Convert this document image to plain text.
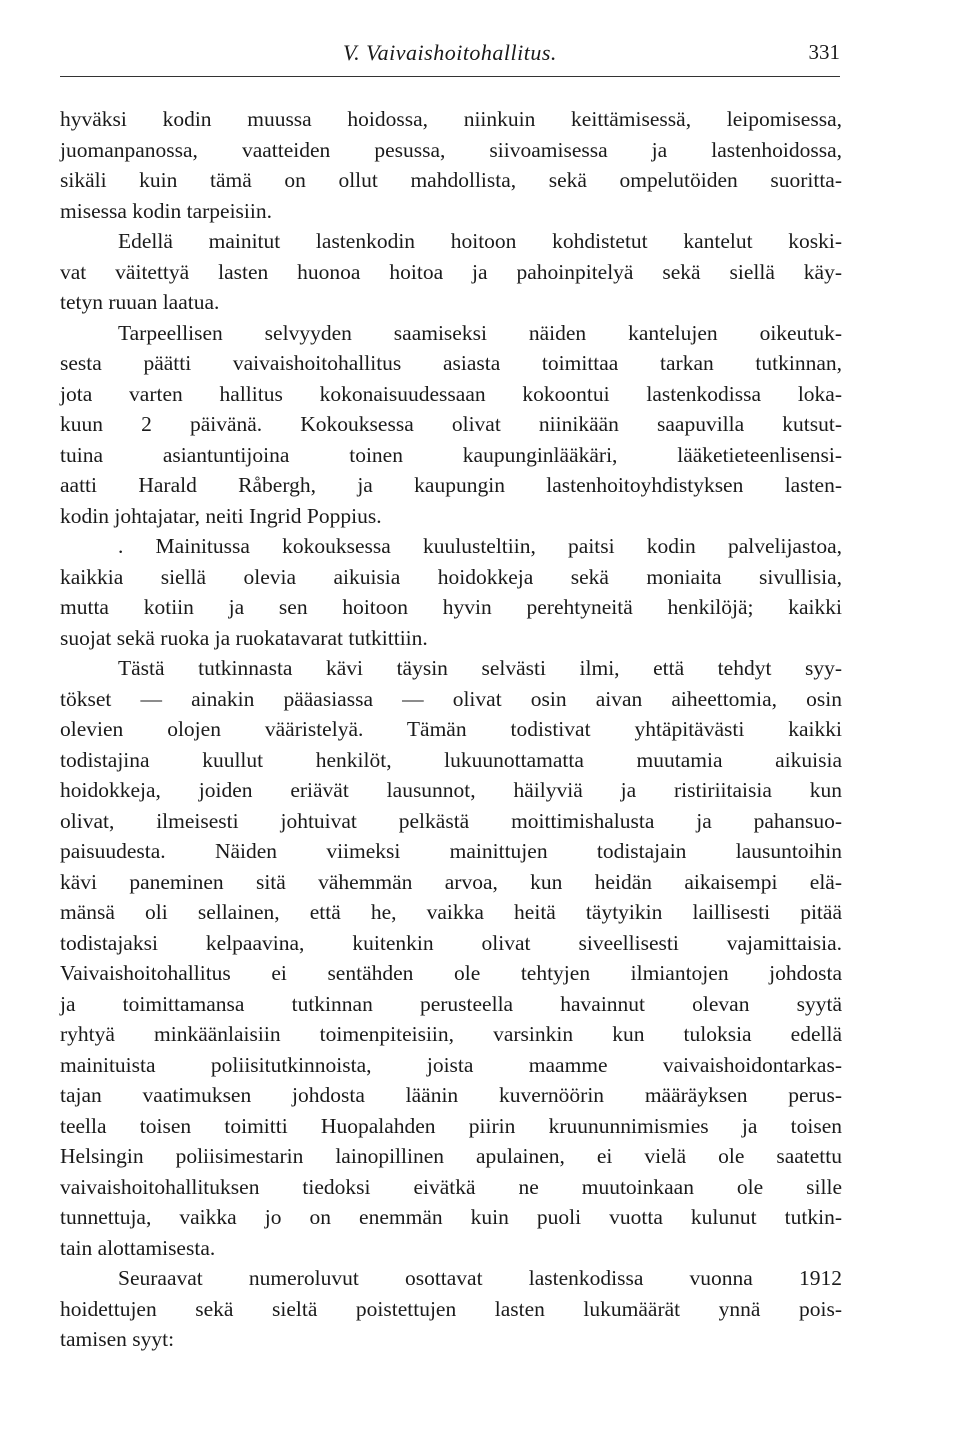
V. Vaivaishoitohallitus.	331
hyväksi kodin muussa hoidossa, niinkuin keittämisessä, leipomisessa,
juomanpanossa, vaatteiden pesussa, siivoamisessa ja lastenhoidossa,
sikäli kuin tämä on ollut mahdollista, sekä ompelutöiden suoritta-
misessa kodin tarpeisiin.
Edellä mainitut lastenkodin hoitoon kohdistetut kantelut koski-
vat väitettyä lasten huonoa hoitoa ja pahoinpitelyä sekä siellä käy-
tetyn ruuan laatua.
Tarpeellisen selvyyden saamiseksi näiden kantelujen oikeutuk-
sesta päätti vaivaishoitohallitus asiasta toimittaa tarkan tutkinnan,
jota varten hallitus kokonaisuudessaan kokoontui lastenkodissa loka-
kuun 2 päivänä. Kokouksessa olivat niinikään saapuvilla kutsut-
tuina asiantuntijoina toinen kaupunginlääkäri, lääketieteenlisensi-
aatti Harald Råbergh, ja kaupungin lastenhoitoyhdistyksen lasten-
kodin johtajatar, neiti Ingrid Poppius.
. Mainitussa kokouksessa kuulusteltiin, paitsi kodin palvelijastoa,
kaikkia siellä olevia aikuisia hoidokkeja sekä moniaita sivullisia,
mutta kotiin ja sen hoitoon hyvin perehtyneitä henkilöjä; kaikki
suojat sekä ruoka ja ruokatavarat tutkittiin.
Tästä tutkinnasta kävi täysin selvästi ilmi, että tehdyt syy-
tökset — ainakin pääasiassa — olivat osin aivan aiheettomia, osin
olevien olojen vääristelyä. Tämän todistivat yhtäpitävästi kaikki
todistajina kuullut henkilöt, lukuunottamatta muutamia aikuisia
hoidokkeja, joiden eriävät lausunnot, häilyviä ja ristiriitaisia kun
olivat, ilmeisesti johtuivat pelkästä moittimishalusta ja pahansuo-
paisuudesta. Näiden viimeksi mainittujen todistajain lausuntoihin
kävi paneminen sitä vähemmän arvoa, kun heidän aikaisempi elä-
mänsä oli sellainen, että he, vaikka heitä täytyikin laillisesti pitää
todistajaksi kelpaavina, kuitenkin olivat siveellisesti vajamittaisia.
Vaivaishoitohallitus ei sentähden ole tehtyjen ilmiantojen johdosta
ja toimittamansa tutkinnan perusteella havainnut olevan syytä
ryhtyä minkäänlaisiin toimenpiteisiin, varsinkin kun tuloksia edellä
mainituista poliisitutkinnoista, joista maamme vaivaishoidontarkas-
tajan vaatimuksen johdosta läänin kuvernöörin määräyksen perus-
teella toisen toimitti Huopalahden piirin kruununnimismies ja toisen
Helsingin poliisimestarin lainopillinen apulainen, ei vielä ole saatettu
vaivaishoitohallituksen tiedoksi eivätkä ne muutoinkaan ole sille
tunnettuja, vaikka jo on enemmän kuin puoli vuotta kulunut tutkin-
tain alottamisesta.
Seuraavat numeroluvut osottavat lastenkodissa vuonna 1912
hoidettujen sekä sieltä poistettujen lasten lukumäärät ynnä pois-
tamisen syyt:
